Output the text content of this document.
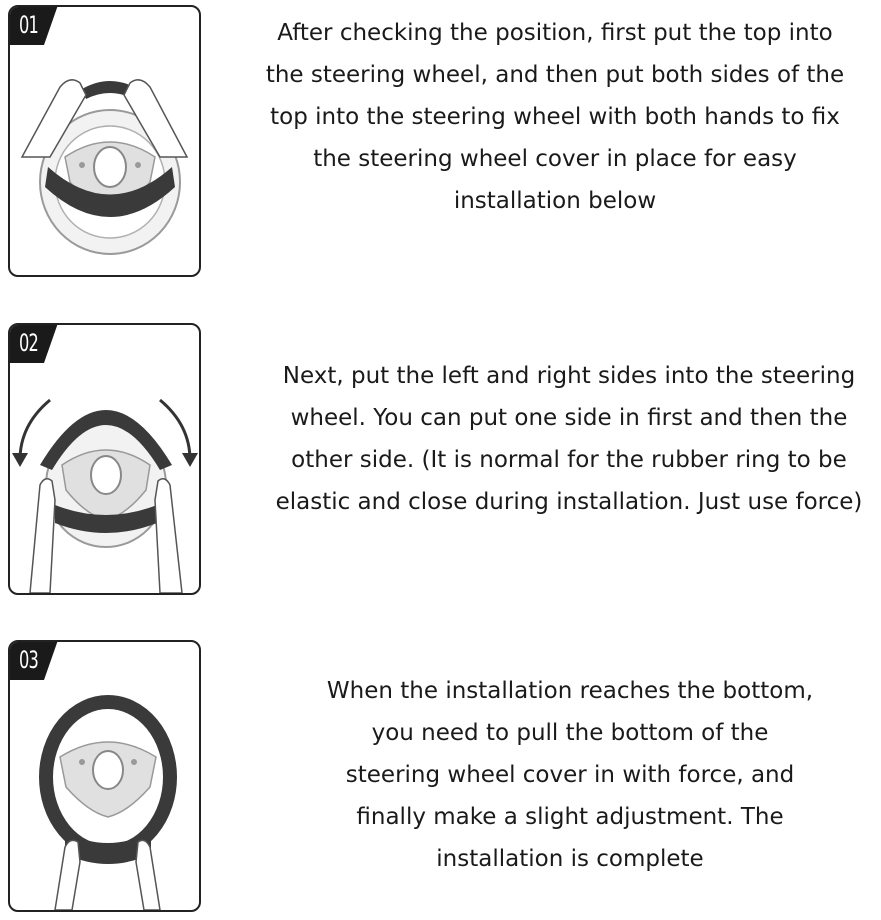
01	After checking the position, first put the top into
the steering wheel, and then put both sides of the
top into the steering wheel with both hands to fix
the steering wheel cover in place for easy
installation below
02
Next, put the left and right sides into the steering
wheel. You can put one side in first and then the
other side. (It is normal for the rubber ring to be
elastic and close during installation. Just use force)
03
When the installation reaches the bottom,
you need to pull the bottom of the
steering wheel cover in with force, and
finally make a slight adjustment. The
installation is complete
